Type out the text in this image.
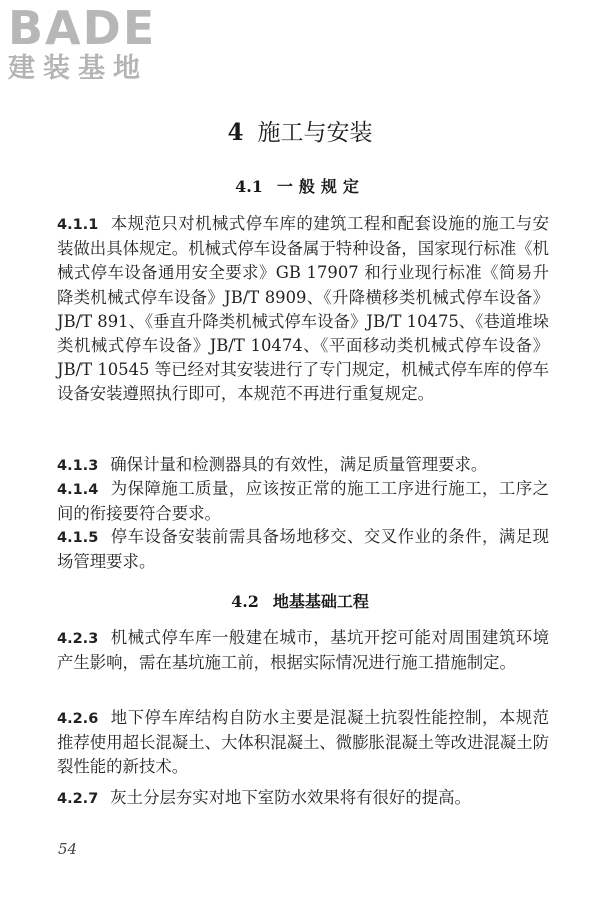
BADE
建装基地
4 施工与安装
4.1 一般规定

4.1.1 本规范只对机械式停车库的建筑工程和配套设施的施工与安装做出具体规定。机械式停车设备属于特种设备，国家现行标准《机械式停车设备通用安全要求》GB 17907 和行业现行标准《简易升降类机械式停车设备》JB/T 8909、《升降横移类机械式停车设备》JB/T 891、《垂直升降类机械式停车设备》JB/T 10475、《巷道堆垛类机械式停车设备》JB/T 10474、《平面移动类机械式停车设备》JB/T 10545 等已经对其安装进行了专门规定，机械式停车库的停车设备安装遵照执行即可，本规范不再进行重复规定。

4.1.3 确保计量和检测器具的有效性，满足质量管理要求。

4.1.4 为保障施工质量，应该按正常的施工工序进行施工，工序之间的衔接要符合要求。

4.1.5 停车设备安装前需具备场地移交、交叉作业的条件，满足现场管理要求。

4.2 地基基础工程

4.2.3 机械式停车库一般建在城市，基坑开挖可能对周围建筑环境产生影响，需在基坑施工前，根据实际情况进行施工措施制定。

4.2.6 地下停车库结构自防水主要是混凝土抗裂性能控制，本规范推荐使用超长混凝土、大体积混凝土、微膨胀混凝土等改进混凝土防裂性能的新技术。

4.2.7 灰土分层夯实对地下室防水效果将有很好的提高。

54
